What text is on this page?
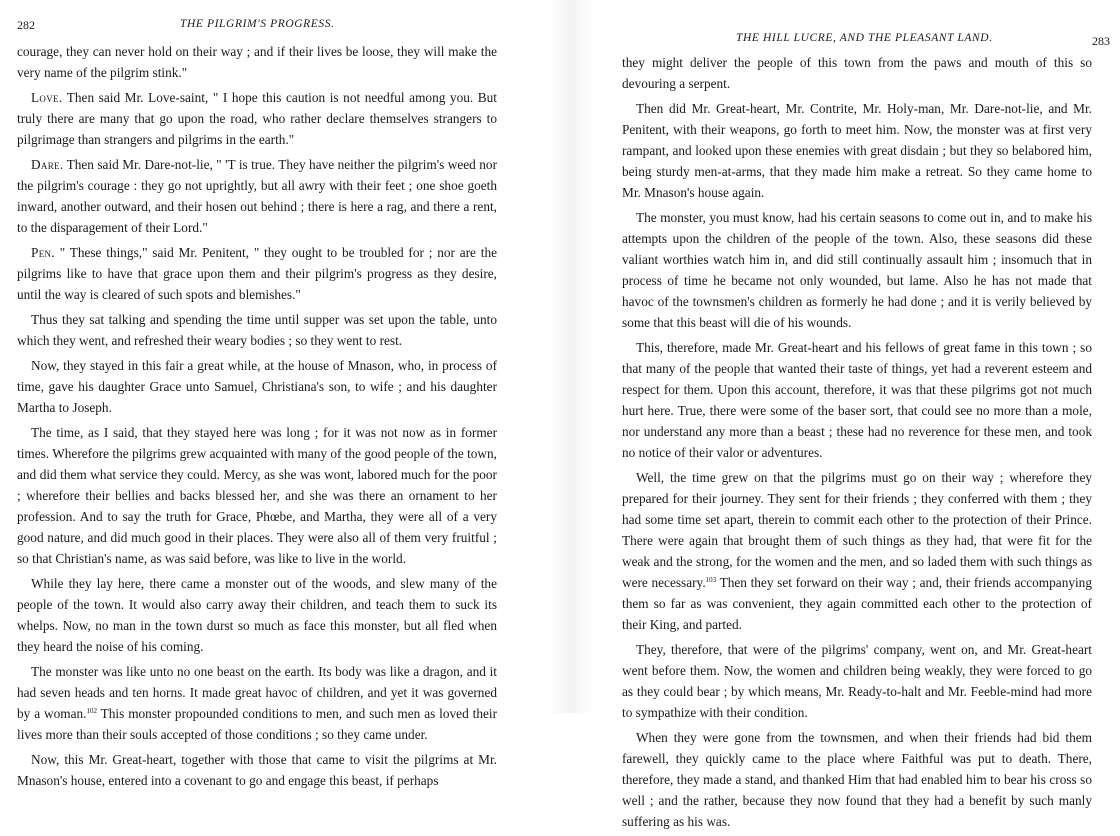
282	THE PILGRIM'S PROGRESS.

courage, they can never hold on their way ; and if their lives be loose, they will make the very name of the pilgrim stink."

Love. Then said Mr. Love-saint, " I hope this caution is not needful among you. But truly there are many that go upon the road, who rather declare themselves strangers to pilgrimage than strangers and pilgrims in the earth."

Dare. Then said Mr. Dare-not-lie, " 'T is true. They have neither the pilgrim's weed nor the pilgrim's courage : they go not uprightly, but all awry with their feet ; one shoe goeth inward, another outward, and their hosen out behind ; there is here a rag, and there a rent, to the disparagement of their Lord."

Pen. " These things," said Mr. Penitent, " they ought to be troubled for ; nor are the pilgrims like to have that grace upon them and their pilgrim's progress as they desire, until the way is cleared of such spots and blemishes."

Thus they sat talking and spending the time until supper was set upon the table, unto which they went, and refreshed their weary bodies ; so they went to rest.

Now, they stayed in this fair a great while, at the house of Mnason, who, in process of time, gave his daughter Grace unto Samuel, Christiana's son, to wife ; and his daughter Martha to Joseph.

The time, as I said, that they stayed here was long ; for it was not now as in former times. Wherefore the pilgrims grew acquainted with many of the good people of the town, and did them what service they could. Mercy, as she was wont, labored much for the poor ; wherefore their bellies and backs blessed her, and she was there an ornament to her profession. And to say the truth for Grace, Phœbe, and Martha, they were all of a very good nature, and did much good in their places. They were also all of them very fruitful ; so that Christian's name, as was said before, was like to live in the world.

While they lay here, there came a monster out of the woods, and slew many of the people of the town. It would also carry away their children, and teach them to suck its whelps. Now, no man in the town durst so much as face this monster, but all fled when they heard the noise of his coming.

The monster was like unto no one beast on the earth. Its body was like a dragon, and it had seven heads and ten horns. It made great havoc of children, and yet it was governed by a woman.$^{102}$ This monster propounded conditions to men, and such men as loved their lives more than their souls accepted of those conditions ; so they came under.

Now, this Mr. Great-heart, together with those that came to visit the pilgrims at Mr. Mnason's house, entered into a covenant to go and engage this beast, if perhaps

THE HILL LUCRE, AND THE PLEASANT LAND.	283

they might deliver the people of this town from the paws and mouth of this so devouring a serpent.

Then did Mr. Great-heart, Mr. Contrite, Mr. Holy-man, Mr. Dare-not-lie, and Mr. Penitent, with their weapons, go forth to meet him. Now, the monster was at first very rampant, and looked upon these enemies with great disdain ; but they so belabored him, being sturdy men-at-arms, that they made him make a retreat. So they came home to Mr. Mnason's house again.

The monster, you must know, had his certain seasons to come out in, and to make his attempts upon the children of the people of the town. Also, these seasons did these valiant worthies watch him in, and did still continually assault him ; insomuch that in process of time he became not only wounded, but lame. Also he has not made that havoc of the townsmen's children as formerly he had done ; and it is verily believed by some that this beast will die of his wounds.

This, therefore, made Mr. Great-heart and his fellows of great fame in this town ; so that many of the people that wanted their taste of things, yet had a reverent esteem and respect for them. Upon this account, therefore, it was that these pilgrims got not much hurt here. True, there were some of the baser sort, that could see no more than a mole, nor understand any more than a beast ; these had no reverence for these men, and took no notice of their valor or adventures.

Well, the time grew on that the pilgrims must go on their way ; wherefore they prepared for their journey. They sent for their friends ; they conferred with them ; they had some time set apart, therein to commit each other to the protection of their Prince. There were again that brought them of such things as they had, that were fit for the weak and the strong, for the women and the men, and so laded them with such things as were necessary.$^{103}$ Then they set forward on their way ; and, their friends accompanying them so far as was convenient, they again committed each other to the protection of their King, and parted.

They, therefore, that were of the pilgrims' company, went on, and Mr. Great-heart went before them. Now, the women and children being weakly, they were forced to go as they could bear ; by which means, Mr. Ready-to-halt and Mr. Feeble-mind had more to sympathize with their condition.

When they were gone from the townsmen, and when their friends had bid them farewell, they quickly came to the place where Faithful was put to death. There, therefore, they made a stand, and thanked Him that had enabled him to bear his cross so well ; and the rather, because they now found that they had a benefit by such manly suffering as his was.
